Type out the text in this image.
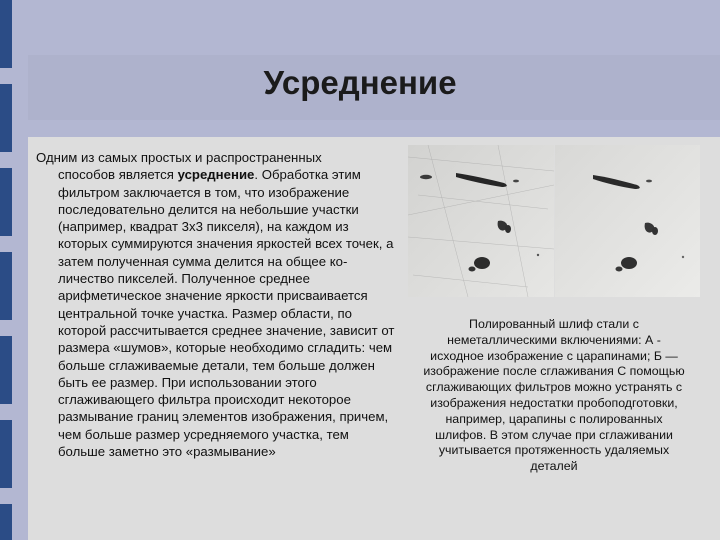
Усреднение
Одним из самых простых и распространенных
способов является усреднение. Обработка этим фильтром заключается в том, что изображение последовательно делится на небольшие участки (например, квадрат 3х3 пикселя), на каждом из которых суммируются значения яркостей всех точек, а затем полученная сумма делится на общее ко-личество пикселей. Полученное среднее арифметическое значение яркости присваивается центральной точке участка. Размер области, по которой рассчитывается среднее значение, зависит от размера «шумов», которые необходимо сгладить: чем больше сглаживаемые детали, тем больше должен быть ее размер. При использовании этого сглаживающего фильтра происходит некоторое размывание границ элементов изображения, причем, чем больше размер усредняемого участка, тем больше заметно это «размывание»
Полированный шлиф стали с неметаллическими включениями: А - исходное изображение с царапинами; Б — изображение после сглаживания С помощью сглаживающих фильтров можно устранять с изображения недостатки пробоподготовки, например, царапины с полированных шлифов. В этом случае при сглаживании учитывается протяженность удаляемых деталей
